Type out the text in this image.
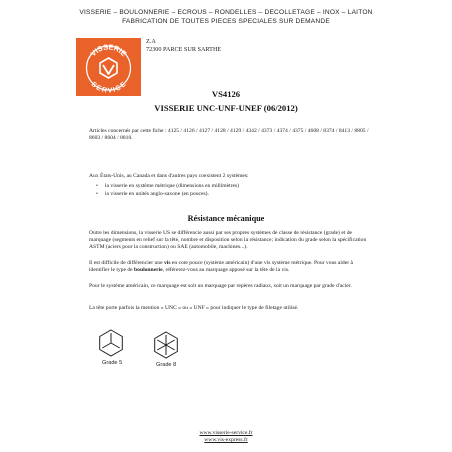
VISSERIE – BOULONNERIE – ECROUS – RONDELLES – DECOLLETAGE – INOX – LAITON
FABRICATION DE TOUTES PIECES SPECIALES SUR DEMANDE
VISSERIE
SERVICE
Z.A
72300 PARCE SUR SARTHE
VS4126
VISSERIE UNC-UNF-UNEF (06/2012)

Articles concernés par cette fiche : 4125 / 4126 / 4127 / 4128 / 4129 / 4342 / 4373 / 4374 / 4375 / 4608 / 8374 / 8413 / 8805 / 8603 / 8604 / 8810.

Aux États-Unis, au Canada et dans d'autres pays coexistent 2 systèmes:

• la visserie en système métrique (dimensions en millimètres)
• la visserie en unités anglo-saxone (en pouces).
Résistance mécanique

Outre les dimensions, la visserie US se différencie aussi par ses propres systèmes de classe de résistance (grade) et de marquage (segments en relief sur la tête, nombre et disposition selon la résistance; indication du grade selon la spécification ASTM (aciers pour la construction) ou SAE (automobile, machines...).

Il est difficile de différencier une vis en cote pouce (système américain) d'une vis système métrique. Pour vous aider à identifier le type de boulonnerie, référerez-vous au marquage apposé sur la tête de la vis.

Pour le système américain, ce marquage est soit un marquage par repères radiaux, soit un marquage par grade d'acier.

La tête porte parfois la mention « UNC » ou « UNF » pour indiquer le type de filetage utilisé.

Grade 5	Grade 8
www.visserie-service.fr
www.vis-express.fr
